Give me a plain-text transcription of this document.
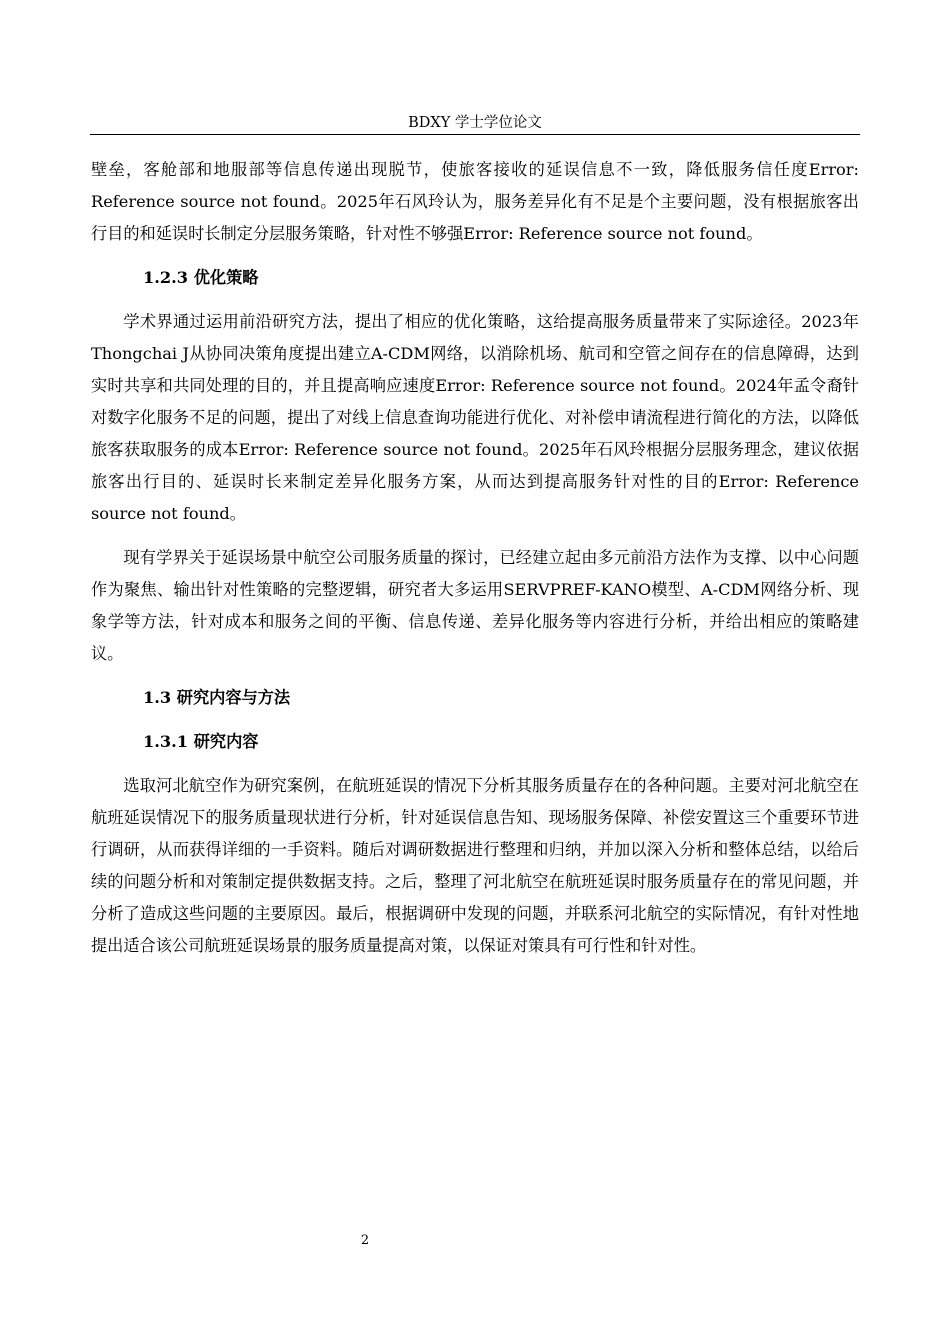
BDXY 学士学位论文

壁垒，客舱部和地服部等信息传递出现脱节，使旅客接收的延误信息不一致，降低服务信任度Error: Reference source not found。2025年石风玲认为，服务差异化有不足是个主要问题，没有根据旅客出行目的和延误时长制定分层服务策略，针对性不够强Error: Reference source not found。

1.2.3 优化策略

学术界通过运用前沿研究方法，提出了相应的优化策略，这给提高服务质量带来了实际途径。2023年Thongchai J从协同决策角度提出建立A-CDM网络，以消除机场、航司和空管之间存在的信息障碍，达到实时共享和共同处理的目的，并且提高响应速度Error: Reference source not found。2024年孟令裔针对数字化服务不足的问题，提出了对线上信息查询功能进行优化、对补偿申请流程进行简化的方法，以降低旅客获取服务的成本Error: Reference source not found。2025年石风玲根据分层服务理念，建议依据旅客出行目的、延误时长来制定差异化服务方案，从而达到提高服务针对性的目的Error: Reference source not found。

现有学界关于延误场景中航空公司服务质量的探讨，已经建立起由多元前沿方法作为支撑、以中心问题作为聚焦、输出针对性策略的完整逻辑，研究者大多运用SERVPREF-KANO模型、A-CDM网络分析、现象学等方法，针对成本和服务之间的平衡、信息传递、差异化服务等内容进行分析，并给出相应的策略建议。

1.3 研究内容与方法

1.3.1 研究内容

选取河北航空作为研究案例，在航班延误的情况下分析其服务质量存在的各种问题。主要对河北航空在航班延误情况下的服务质量现状进行分析，针对延误信息告知、现场服务保障、补偿安置这三个重要环节进行调研，从而获得详细的一手资料。随后对调研数据进行整理和归纳，并加以深入分析和整体总结，以给后续的问题分析和对策制定提供数据支持。之后，整理了河北航空在航班延误时服务质量存在的常见问题，并分析了造成这些问题的主要原因。最后，根据调研中发现的问题，并联系河北航空的实际情况，有针对性地提出适合该公司航班延误场景的服务质量提高对策，以保证对策具有可行性和针对性。

2
